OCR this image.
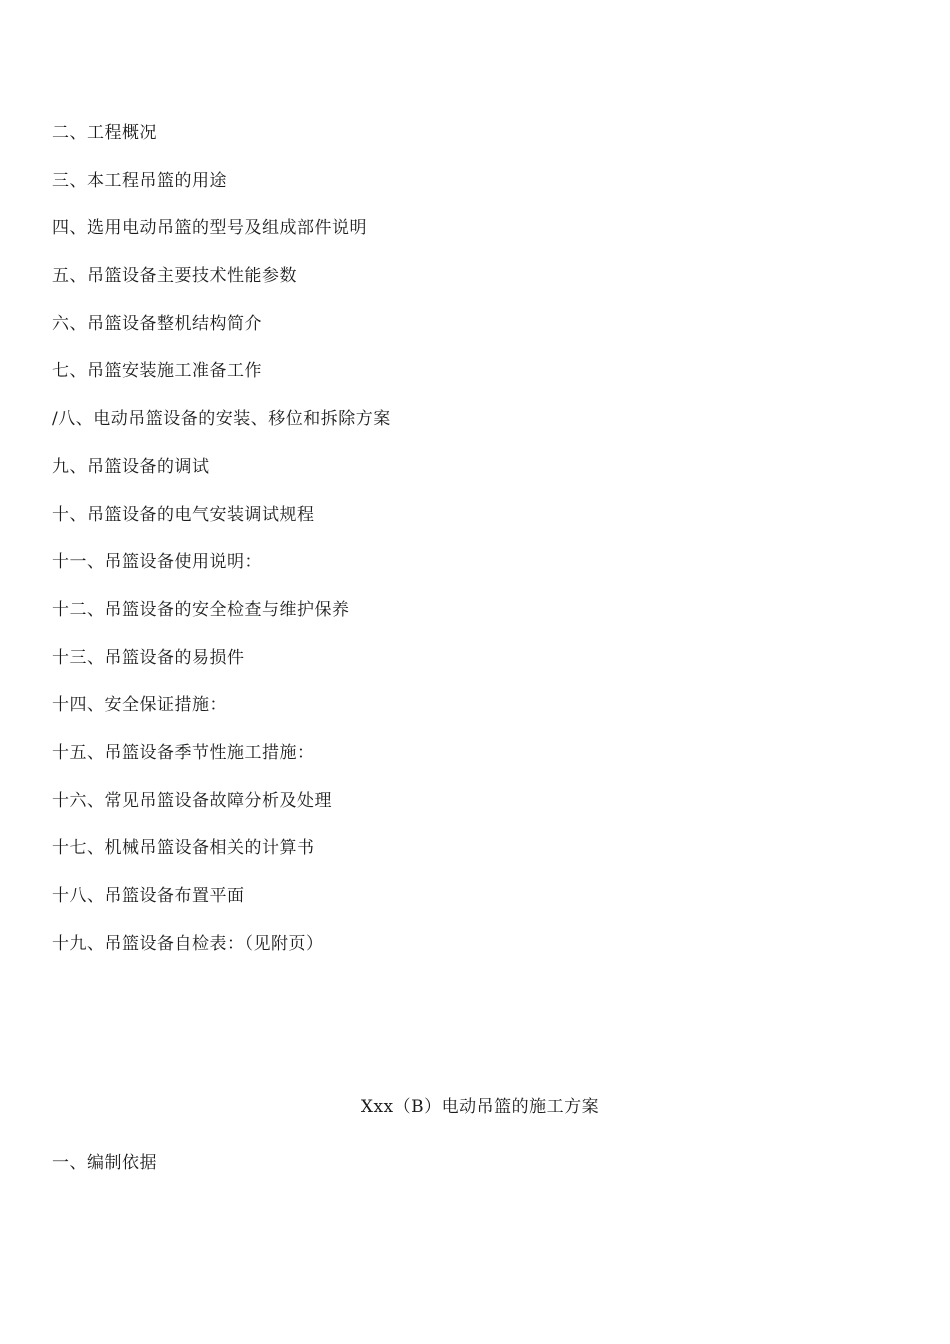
二、工程概况
三、本工程吊篮的用途
四、选用电动吊篮的型号及组成部件说明
五、吊篮设备主要技术性能参数
六、吊篮设备整机结构简介
七、吊篮安装施工准备工作
/八、电动吊篮设备的安装、移位和拆除方案
九、吊篮设备的调试
十、吊篮设备的电气安装调试规程
十一、吊篮设备使用说明：
十二、吊篮设备的安全检查与维护保养
十三、吊篮设备的易损件
十四、安全保证措施：
十五、吊篮设备季节性施工措施：
十六、常见吊篮设备故障分析及处理
十七、机械吊篮设备相关的计算书
十八、吊篮设备布置平面
十九、吊篮设备自检表：（见附页）
Xxx（B）电动吊篮的施工方案
一、编制依据
